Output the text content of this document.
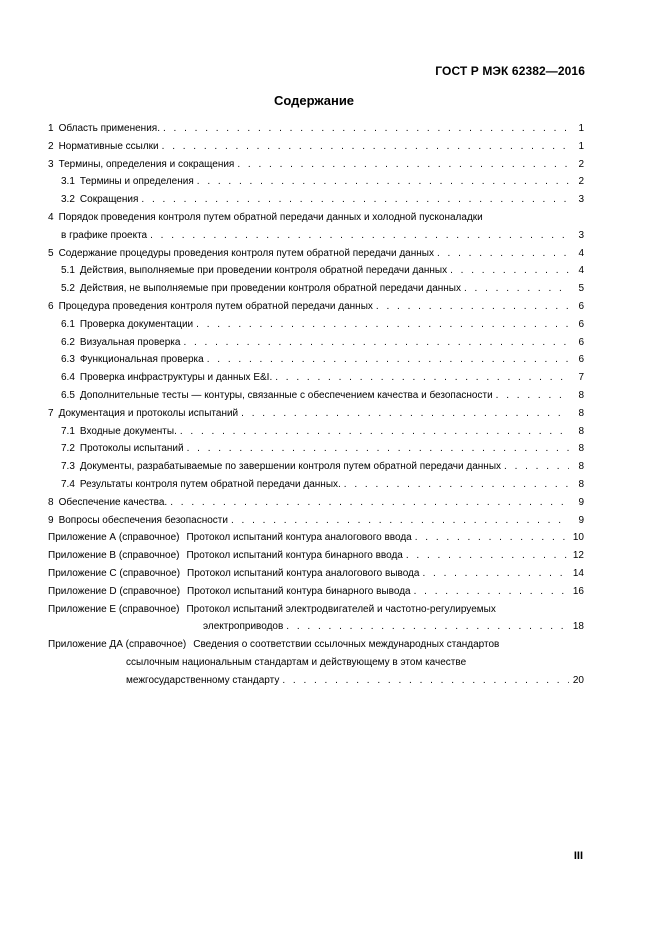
ГОСТ Р МЭК 62382—2016
Содержание
1 Область применения. . . .	1
2 Нормативные ссылки . . .	1
3 Термины, определения и сокращения . . .	2
3.1 Термины и определения . . .	2
3.2 Сокращения . . .	3
4 Порядок проведения контроля путем обратной передачи данных и холодной пусконаладки
в графике проекта . . .	3
5 Содержание процедуры проведения контроля путем обратной передачи данных . . .	4
5.1 Действия, выполняемые при проведении контроля обратной передачи данных . . .	4
5.2 Действия, не выполняемые при проведении контроля обратной передачи данных . . .	5
6 Процедура проведения контроля путем обратной передачи данных . . .	6
6.1 Проверка документации . . .	6
6.2 Визуальная проверка . . .	6
6.3 Функциональная проверка . . .	6
6.4 Проверка инфраструктуры и данных E&I. . . .	7
6.5 Дополнительные тесты — контуры, связанные с обеспечением качества и безопасности . . .	8
7 Документация и протоколы испытаний . . .	8
7.1 Входные документы. . . .	8
7.2 Протоколы испытаний . . .	8
7.3 Документы, разрабатываемые по завершении контроля путем обратной передачи данных . . .	8
7.4 Результаты контроля путем обратной передачи данных. . . .	8
8 Обеспечение качества. . . .	9
9 Вопросы обеспечения безопасности . . .	9
Приложение А (справочное) Протокол испытаний контура аналогового ввода . . .	10
Приложение В (справочное) Протокол испытаний контура бинарного ввода . . .	12
Приложение С (справочное) Протокол испытаний контура аналогового вывода . . .	14
Приложение D (справочное) Протокол испытаний контура бинарного вывода . . .	16
Приложение Е (справочное) Протокол испытаний электродвигателей и частотно-регулируемых
электроприводов . . .	18
Приложение ДА (справочное) Сведения о соответствии ссылочных международных стандартов
ссылочным национальным стандартам и действующему в этом качестве
межгосударственному стандарту . . .	20
III
